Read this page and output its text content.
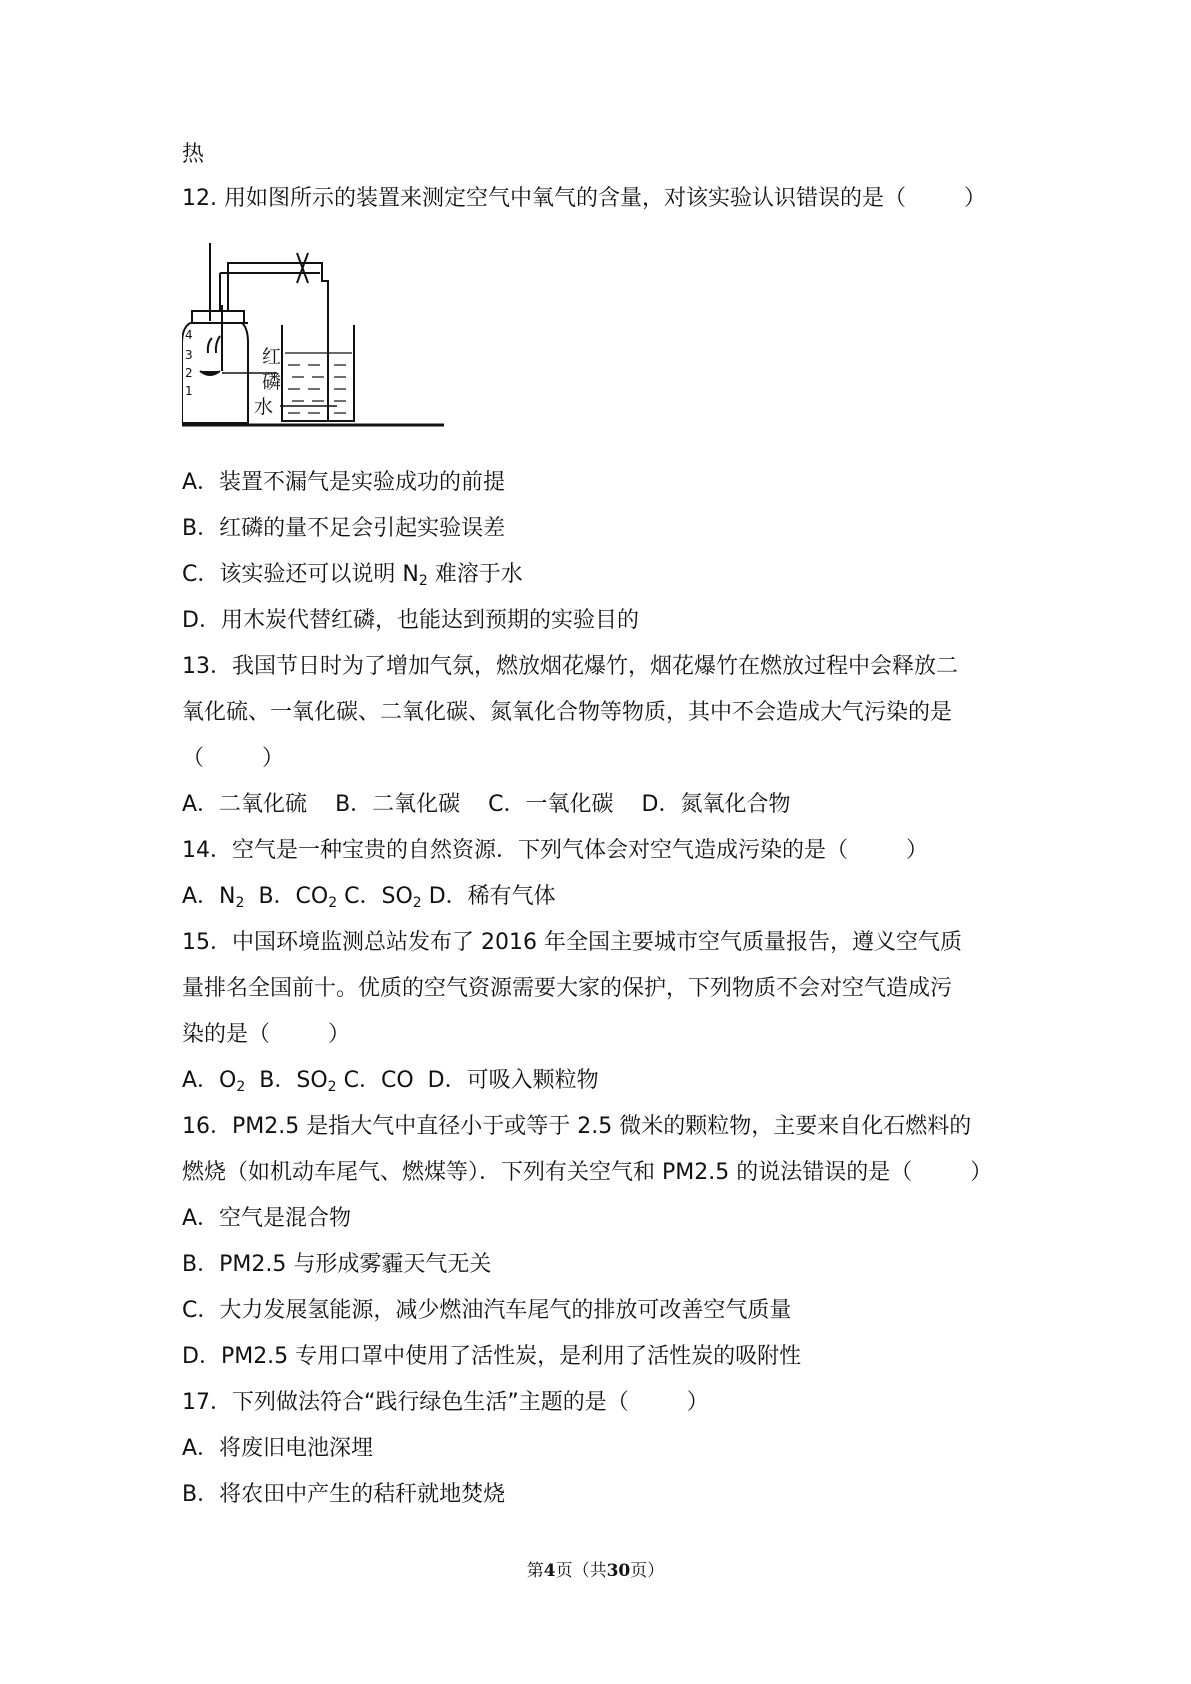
热
12. 用如图所示的装置来测定空气中氧气的含量，对该实验认识错误的是（	）
4
3
2
1
红
磷
水
A．装置不漏气是实验成功的前提
B．红磷的量不足会引起实验误差
C．该实验还可以说明 $N_2$ 难溶于水
D．用木炭代替红磷，也能达到预期的实验目的
13．我国节日时为了增加气氛，燃放烟花爆竹，烟花爆竹在燃放过程中会释放二
氧化硫、一氧化碳、二氧化碳、氮氧化合物等物质，其中不会造成大气污染的是
（	）
A．二氧化硫 B．二氧化碳 C．一氧化碳 D．氮氧化合物
14．空气是一种宝贵的自然资源．下列气体会对空气造成污染的是（	）
A．$N_2$ B．$CO_2$ C．$SO_2$ D．稀有气体
15．中国环境监测总站发布了 2016 年全国主要城市空气质量报告，遵义空气质
量排名全国前十。优质的空气资源需要大家的保护，下列物质不会对空气造成污
染的是（	）
A．$O_2$ B．$SO_2$ C．CO D．可吸入颗粒物
16．PM2.5 是指大气中直径小于或等于 2.5 微米的颗粒物，主要来自化石燃料的
燃烧（如机动车尾气、燃煤等）．下列有关空气和 PM2.5 的说法错误的是（	）
A．空气是混合物
B．PM2.5 与形成雾霾天气无关
C．大力发展氢能源，减少燃油汽车尾气的排放可改善空气质量
D．PM2.5 专用口罩中使用了活性炭，是利用了活性炭的吸附性
17．下列做法符合“践行绿色生活”主题的是（	）
A．将废旧电池深埋
B．将农田中产生的秸秆就地焚烧
第4页（共30页）
